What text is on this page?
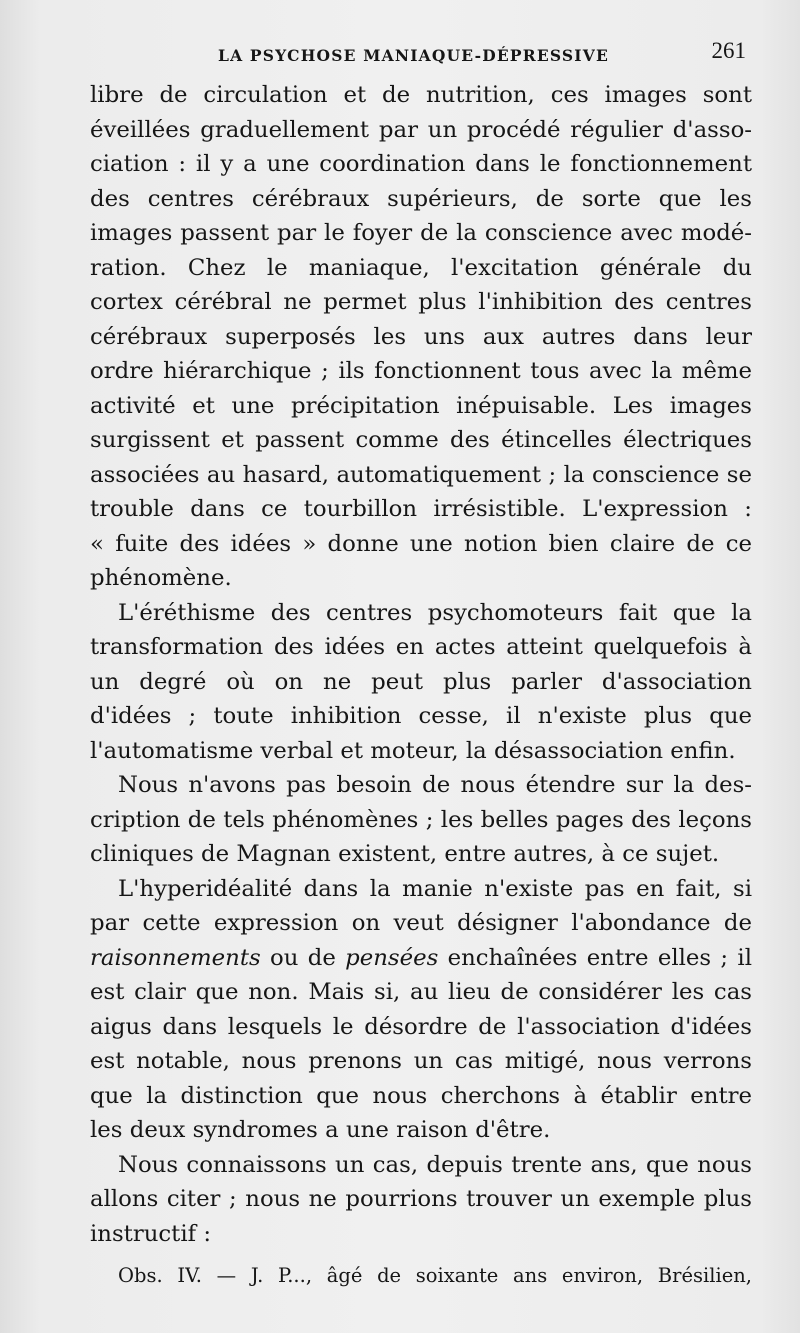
LA PSYCHOSE MANIAQUE-DÉPRESSIVE	261
libre de circulation et de nutrition, ces images sont
éveillées graduellement par un procédé régulier d'asso-
ciation : il y a une coordination dans le fonctionnement
des centres cérébraux supérieurs, de sorte que les
images passent par le foyer de la conscience avec modé-
ration. Chez le maniaque, l'excitation générale du
cortex cérébral ne permet plus l'inhibition des centres
cérébraux superposés les uns aux autres dans leur
ordre hiérarchique ; ils fonctionnent tous avec la même
activité et une précipitation inépuisable. Les images
surgissent et passent comme des étincelles électriques
associées au hasard, automatiquement ; la conscience se
trouble dans ce tourbillon irrésistible. L'expression :
« fuite des idées » donne une notion bien claire de ce
phénomène.
L'éréthisme des centres psychomoteurs fait que la
transformation des idées en actes atteint quelquefois à
un degré où on ne peut plus parler d'association
d'idées ; toute inhibition cesse, il n'existe plus que
l'automatisme verbal et moteur, la désassociation enfin.
Nous n'avons pas besoin de nous étendre sur la des-
cription de tels phénomènes ; les belles pages des leçons
cliniques de Magnan existent, entre autres, à ce sujet.
L'hyperidéalité dans la manie n'existe pas en fait, si
par cette expression on veut désigner l'abondance de
raisonnements ou de pensées enchaînées entre elles ; il
est clair que non. Mais si, au lieu de considérer les cas
aigus dans lesquels le désordre de l'association d'idées
est notable, nous prenons un cas mitigé, nous verrons
que la distinction que nous cherchons à établir entre
les deux syndromes a une raison d'être.
Nous connaissons un cas, depuis trente ans, que nous
allons citer ; nous ne pourrions trouver un exemple plus
instructif :
Obs. IV. — J. P..., âgé de soixante ans environ, Brésilien,
